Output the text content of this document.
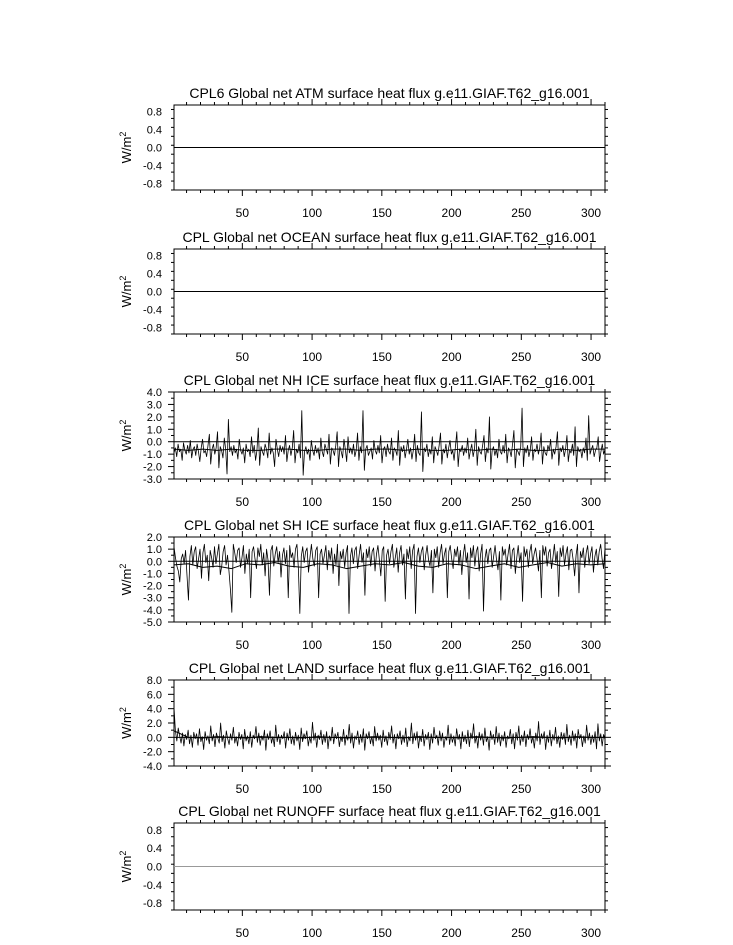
CPL6 Global net ATM surface heat flux g.e11.GIAF.T62_g16.001
50	100	150	200	250	300
0.8
0.4
0.0
-0.4
-0.8
$W/m^2$
CPL Global net OCEAN surface heat flux g.e11.GIAF.T62_g16.001
50	100	150	200	250	300
0.8
0.4
0.0
-0.4
-0.8
$W/m^2$
CPL Global net NH ICE surface heat flux g.e11.GIAF.T62_g16.001
50	100	150	200	250	300
4.0
3.0
2.0
1.0
0.0
-1.0
-2.0
-3.0
$W/m^2$
CPL Global net SH ICE surface heat flux g.e11.GIAF.T62_g16.001
50	100	150	200	250	300
2.0
1.0
0.0
-1.0
-2.0
-3.0
-4.0
-5.0
$W/m^2$
CPL Global net LAND surface heat flux g.e11.GIAF.T62_g16.001
50	100	150	200	250	300
8.0
6.0
4.0
2.0
0.0
-2.0
-4.0
$W/m^2$
CPL Global net RUNOFF surface heat flux g.e11.GIAF.T62_g16.001
50	100	150	200	250	300
0.8
0.4
0.0
-0.4
-0.8
$W/m^2$
